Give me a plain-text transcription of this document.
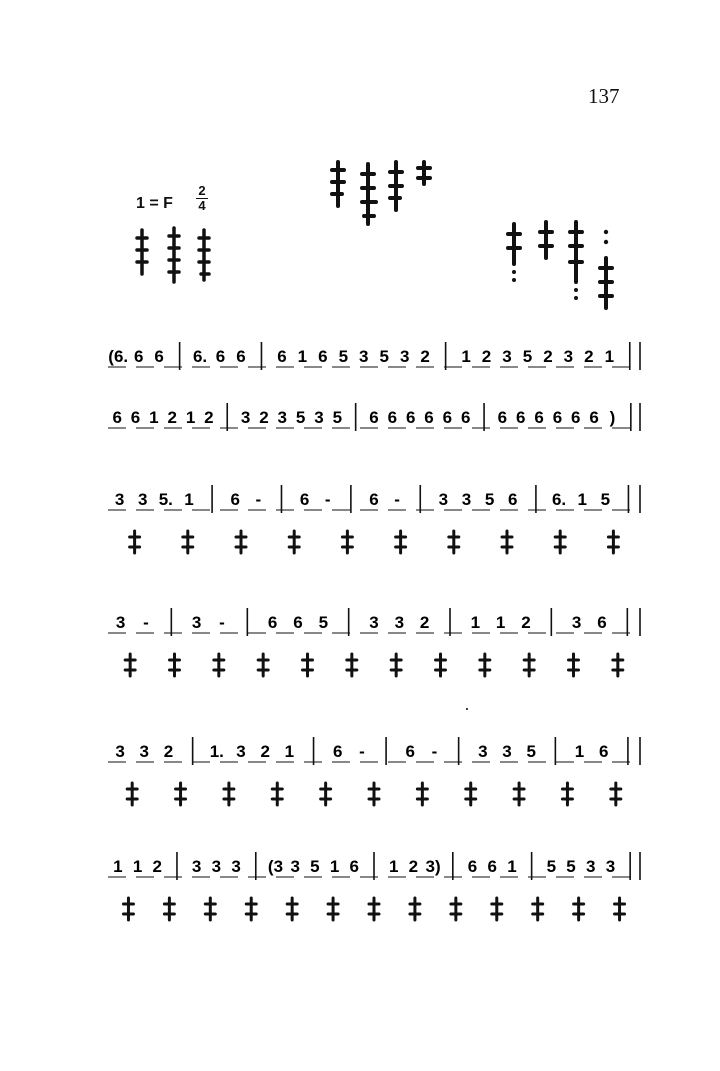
137
1 = F
2
4
(6. 6 6 6. 6 6 6 1 6 5 3 5 3 2 1 2 3 5 2 3 2 1
6 6 1 2 1 2 3 2 3 5 3 5 6 6 6 6 6 6 6 6 6 6 6 6 )
3 3 5. 1 6 - 6 - 6 - 3 3 5 6 6. 1 5
3 -	3 -	6 6 5 3 3 2 1 1 2 3 6
3 3 2 1. 3 2 1 6 - 6 - 3 3 5 1 6
1 1 2 3 3 3 (3 3 5 1 6 1 2 3) 6 6 1 5 5 3 3
